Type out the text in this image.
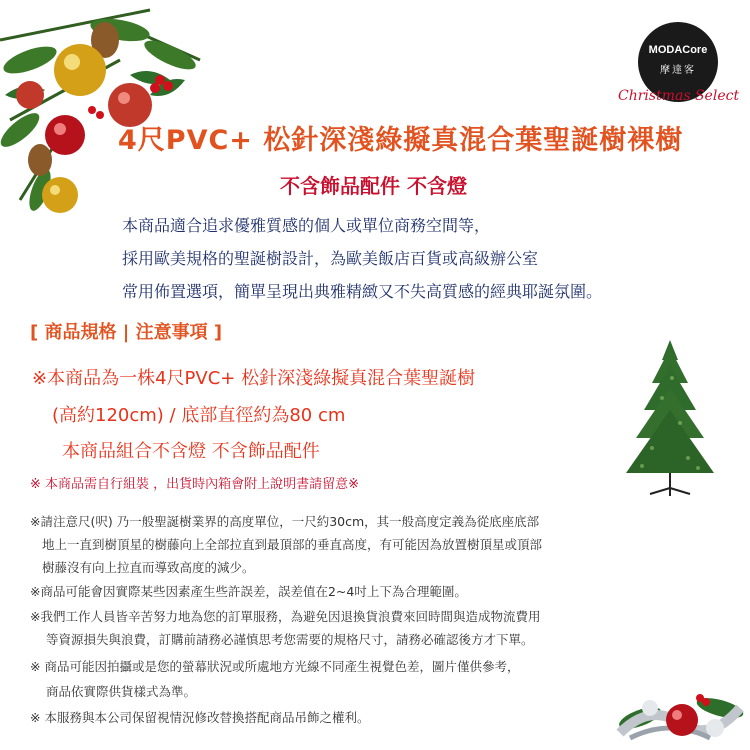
MODACore
摩達客
Christmas Select
4尺PVC+ 松針深淺綠擬真混合葉聖誕樹裸樹
不含飾品配件 不含燈
本商品適合追求優雅質感的個人或單位商務空間等，
採用歐美規格的聖誕樹設計，為歐美飯店百貨或高級辦公室
常用佈置選項，簡單呈現出典雅精緻又不失高質感的經典耶誕氛圍。
[ 商品規格 | 注意事項 ]
※本商品為一株4尺PVC+ 松針深淺綠擬真混合葉聖誕樹
(高約120cm) / 底部直徑約為80 cm
本商品組合不含燈 不含飾品配件
※ 本商品需自行組裝 ，出貨時內箱會附上說明書請留意※
※請注意尺(呎) 乃一般聖誕樹業界的高度單位，一尺約30cm，其一般高度定義為從底座底部
地上一直到樹頂星的樹藤向上全部拉直到最頂部的垂直高度，有可能因為放置樹頂星或頂部
樹藤沒有向上拉直而導致高度的減少。
※商品可能會因實際某些因素產生些許誤差，誤差值在2~4吋上下為合理範圍。
※我們工作人員皆辛苦努力地為您的訂單服務，為避免因退換貨浪費來回時間與造成物流費用
等資源損失與浪費，訂購前請務必謹慎思考您需要的規格尺寸，請務必確認後方才下單。
※ 商品可能因拍攝或是您的螢幕狀況或所處地方光線不同產生視覺色差，圖片僅供參考，
商品依實際供貨樣式為準。
※ 本服務與本公司保留視情況修改替換搭配商品吊飾之權利。
